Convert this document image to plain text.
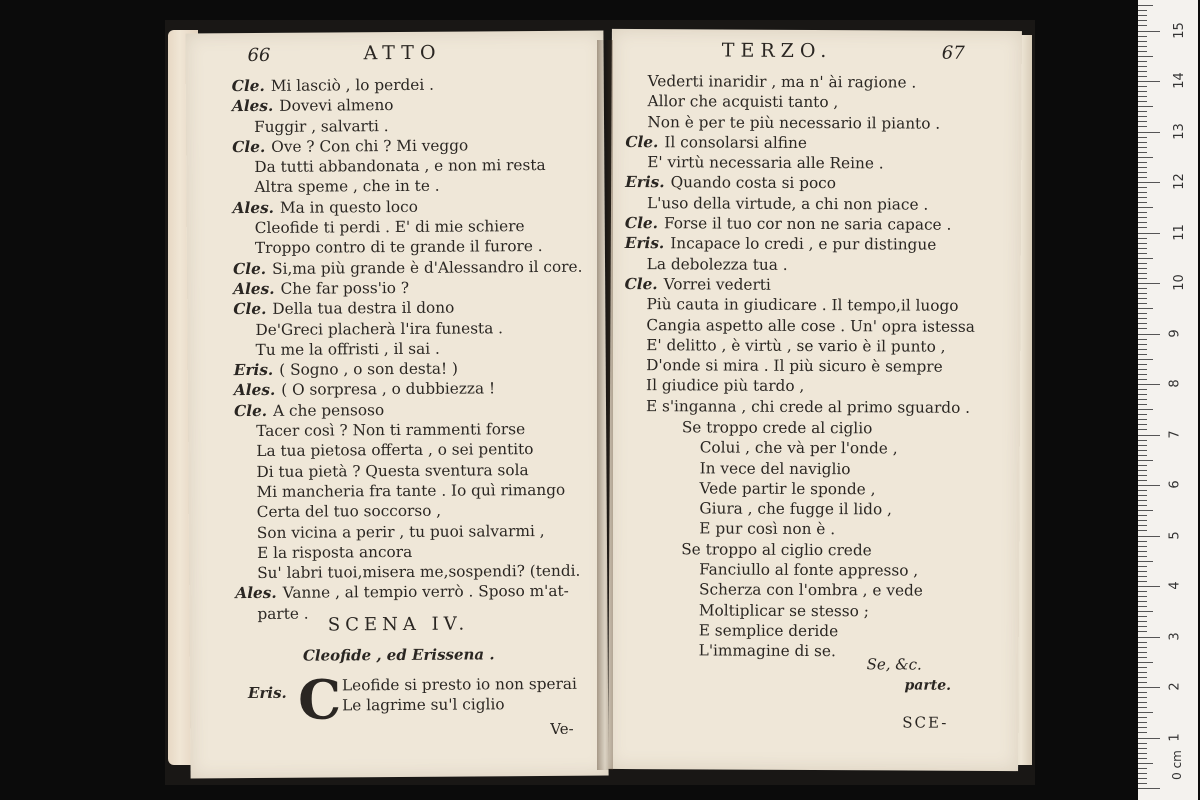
66	ATTO
Cle. Mi lasciò , lo perdei .
Ales. Dovevi almeno
Fuggir , salvarti .
Cle. Ove ? Con chi ? Mi veggo
Da tutti abbandonata , e non mi resta
Altra speme , che in te .
Ales. Ma in questo loco
Cleofide ti perdi . E' di mie schiere
Troppo contro di te grande il furore .
Cle. Si,ma più grande è d'Alessandro il core.
Ales. Che far poss'io ?
Cle. Della tua destra il dono
De'Greci placherà l'ira funesta .
Tu me la offristi , il sai .
Eris. ( Sogno , o son desta! )
Ales. ( O sorpresa , o dubbiezza !
Cle. A che pensoso
Tacer così ? Non ti rammenti forse
La tua pietosa offerta , o sei pentito
Di tua pietà ? Questa sventura sola
Mi mancheria fra tante . Io quì rimango
Certa del tuo soccorso ,
Son vicina a perir , tu puoi salvarmi ,
E la risposta ancora
Su' labri tuoi,misera me,sospendi? (tendi.
Ales. Vanne , al tempio verrò . Sposo m'at-
parte .	SCENA IV.
Cleofide , ed Erissena .
Eris. C Leofide si presto io non sperai
Le lagrime su'l ciglio
Ve-
TERZO.	67
Vederti inaridir , ma n' ài ragione .
Allor che acquisti tanto ,
Non è per te più necessario il pianto .
Cle. Il consolarsi alfine
E' virtù necessaria alle Reine .
Eris. Quando costa si poco
L'uso della virtude, a chi non piace .
Cle. Forse il tuo cor non ne saria capace .
Eris. Incapace lo credi , e pur distingue
La debolezza tua .
Cle. Vorrei vederti
Più cauta in giudicare . Il tempo,il luogo
Cangia aspetto alle cose . Un' opra istessa
E' delitto , è virtù , se vario è il punto ,
D'onde si mira . Il più sicuro è sempre
Il giudice più tardo ,
E s'inganna , chi crede al primo sguardo .
Se troppo crede al ciglio
Colui , che và per l'onde ,
In vece del naviglio
Vede partir le sponde ,
Giura , che fugge il lido ,
E pur così non è .
Se troppo al ciglio crede
Fanciullo al fonte appresso ,
Scherza con l'ombra , e vede
Moltiplicar se stesso ;
E semplice deride
L'immagine di se.
Se, &c.
parte.
SCE-
0 cm
1
2
3
4
5
6
7
8
9
10
11
12
13
14
15
